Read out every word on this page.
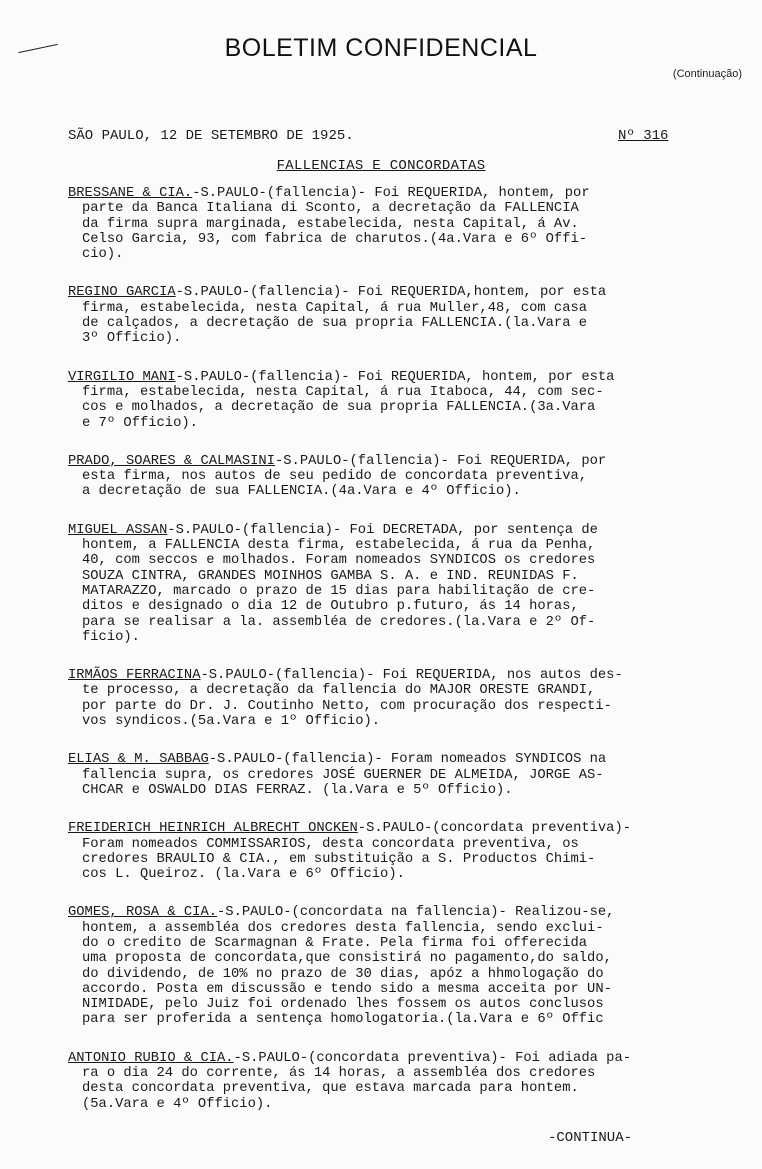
BOLETIM CONFIDENCIAL
(Continuação)
SÃO PAULO, 12 DE SETEMBRO DE 1925.	Nº 316
FALLENCIAS E CONCORDATAS
BRESSANE & CIA.-S.PAULO-(fallencia)- Foi REQUERIDA, hontem, por
parte da Banca Italiana di Sconto, a decretação da FALLENCIA
da firma supra marginada, estabelecida, nesta Capital, á Av.
Celso Garcia, 93, com fabrica de charutos.(4a.Vara e 6º Offi-
cio).
REGINO GARCIA-S.PAULO-(fallencia)- Foi REQUERIDA,hontem, por esta
firma, estabelecida, nesta Capital, á rua Muller,48, com casa
de calçados, a decretação de sua propria FALLENCIA.(la.Vara e
3º Officio).
VIRGILIO MANI-S.PAULO-(fallencia)- Foi REQUERIDA, hontem, por esta
firma, estabelecida, nesta Capital, á rua Itaboca, 44, com sec-
cos e molhados, a decretação de sua propria FALLENCIA.(3a.Vara
e 7º Officio).
PRADO, SOARES & CALMASINI-S.PAULO-(fallencia)- Foi REQUERIDA, por
esta firma, nos autos de seu pedido de concordata preventiva,
a decretação de sua FALLENCIA.(4a.Vara e 4º Officio).
MIGUEL ASSAN-S.PAULO-(fallencia)- Foi DECRETADA, por sentença de
hontem, a FALLENCIA desta firma, estabelecida, á rua da Penha,
40, com seccos e molhados. Foram nomeados SYNDICOS os credores
SOUZA CINTRA, GRANDES MOINHOS GAMBA S. A. e IND. REUNIDAS F.
MATARAZZO, marcado o prazo de 15 dias para habilitação de cre-
ditos e designado o dia 12 de Outubro p.futuro, ás 14 horas,
para se realisar a la. assembléa de credores.(la.Vara e 2º Of-
ficio).
IRMÃOS FERRACINA-S.PAULO-(fallencia)- Foi REQUERIDA, nos autos des-
te processo, a decretação da fallencia do MAJOR ORESTE GRANDI,
por parte do Dr. J. Coutinho Netto, com procuração dos respecti-
vos syndicos.(5a.Vara e 1º Officio).
ELIAS & M. SABBAG-S.PAULO-(fallencia)- Foram nomeados SYNDICOS na
fallencia supra, os credores JOSÉ GUERNER DE ALMEIDA, JORGE AS-
CHCAR e OSWALDO DIAS FERRAZ. (la.Vara e 5º Officio).
FREIDERICH HEINRICH ALBRECHT ONCKEN-S.PAULO-(concordata preventiva)-
Foram nomeados COMMISSARIOS, desta concordata preventiva, os
credores BRAULIO & CIA., em substituição a S. Productos Chimi-
cos L. Queiroz. (la.Vara e 6º Officio).
GOMES, ROSA & CIA.-S.PAULO-(concordata na fallencia)- Realizou-se,
hontem, a assembléa dos credores desta fallencia, sendo exclui-
do o credito de Scarmagnan & Frate. Pela firma foi offerecida
uma proposta de concordata,que consistirá no pagamento,do saldo,
do dividendo, de 10% no prazo de 30 dias, apóz a hhmologação do
accordo. Posta em discussão e tendo sido a mesma acceita por UN-
NIMIDADE, pelo Juiz foi ordenado lhes fossem os autos conclusos
para ser proferida a sentença homologatoria.(la.Vara e 6º Offic
ANTONIO RUBIO & CIA.-S.PAULO-(concordata preventiva)- Foi adiada pa-
ra o dia 24 do corrente, ás 14 horas, a assembléa dos credores
desta concordata preventiva, que estava marcada para hontem.
(5a.Vara e 4º Officio).
-CONTINUA-
